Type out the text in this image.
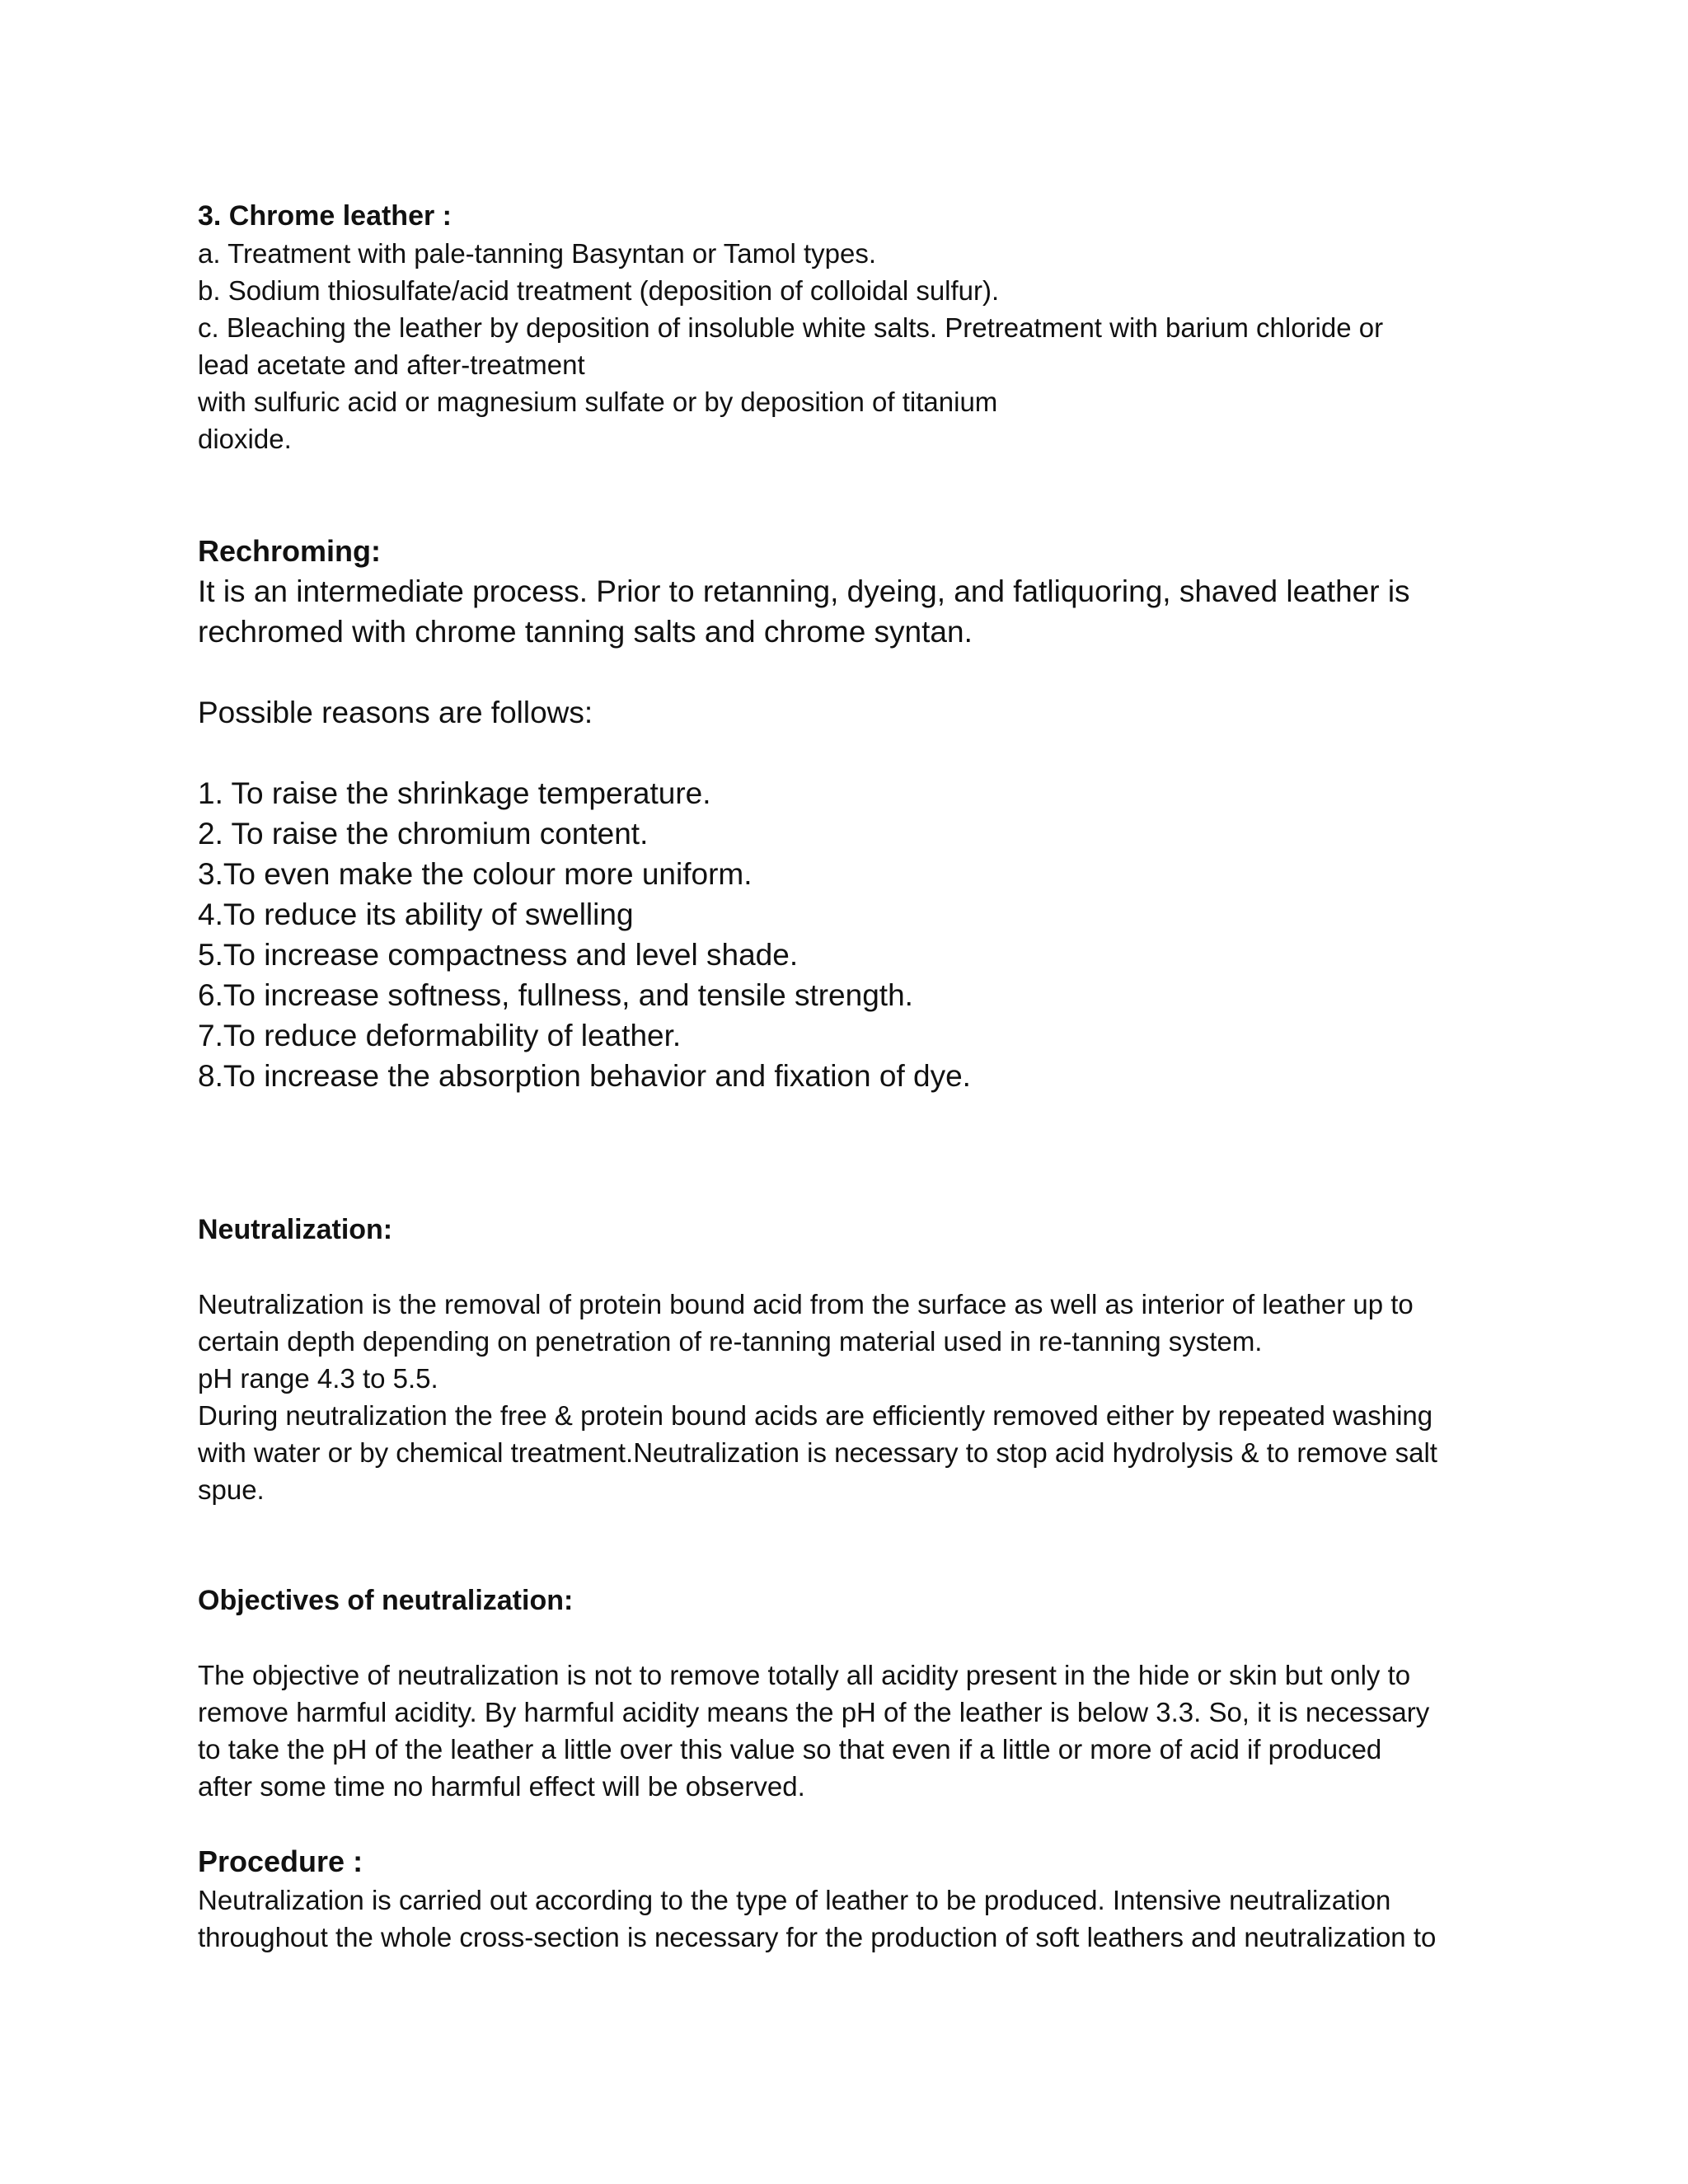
3. Chrome leather :

a. Treatment with pale-tanning Basyntan or Tamol types.

b. Sodium thiosulfate/acid treatment (deposition of colloidal sulfur).

c. Bleaching the leather by deposition of insoluble white salts. Pretreatment with barium chloride or

lead acetate and after-treatment

with sulfuric acid or magnesium sulfate or by deposition of titanium

dioxide.

Rechroming:

It is an intermediate process. Prior to retanning, dyeing, and fatliquoring, shaved leather is

rechromed with chrome tanning salts and chrome syntan.

Possible reasons are follows:

1. To raise the shrinkage temperature.

2. To raise the chromium content.

3.To even make the colour more uniform.

4.To reduce its ability of swelling

5.To increase compactness and level shade.

6.To increase softness, fullness, and tensile strength.

7.To reduce deformability of leather.

8.To increase the absorption behavior and fixation of dye.

Neutralization:

Neutralization is the removal of protein bound acid from the surface as well as interior of leather up to

certain depth depending on penetration of re-tanning material used in re-tanning system.

pH range 4.3 to 5.5.

During neutralization the free & protein bound acids are efficiently removed either by repeated washing

with water or by chemical treatment.Neutralization is necessary to stop acid hydrolysis & to remove salt

spue.

Objectives of neutralization:

The objective of neutralization is not to remove totally all acidity present in the hide or skin but only to

remove harmful acidity. By harmful acidity means the pH of the leather is below 3.3. So, it is necessary

to take the pH of the leather a little over this value so that even if a little or more of acid if produced

after some time no harmful effect will be observed.

Procedure :

Neutralization is carried out according to the type of leather to be produced. Intensive neutralization

throughout the whole cross-section is necessary for the production of soft leathers and neutralization to
